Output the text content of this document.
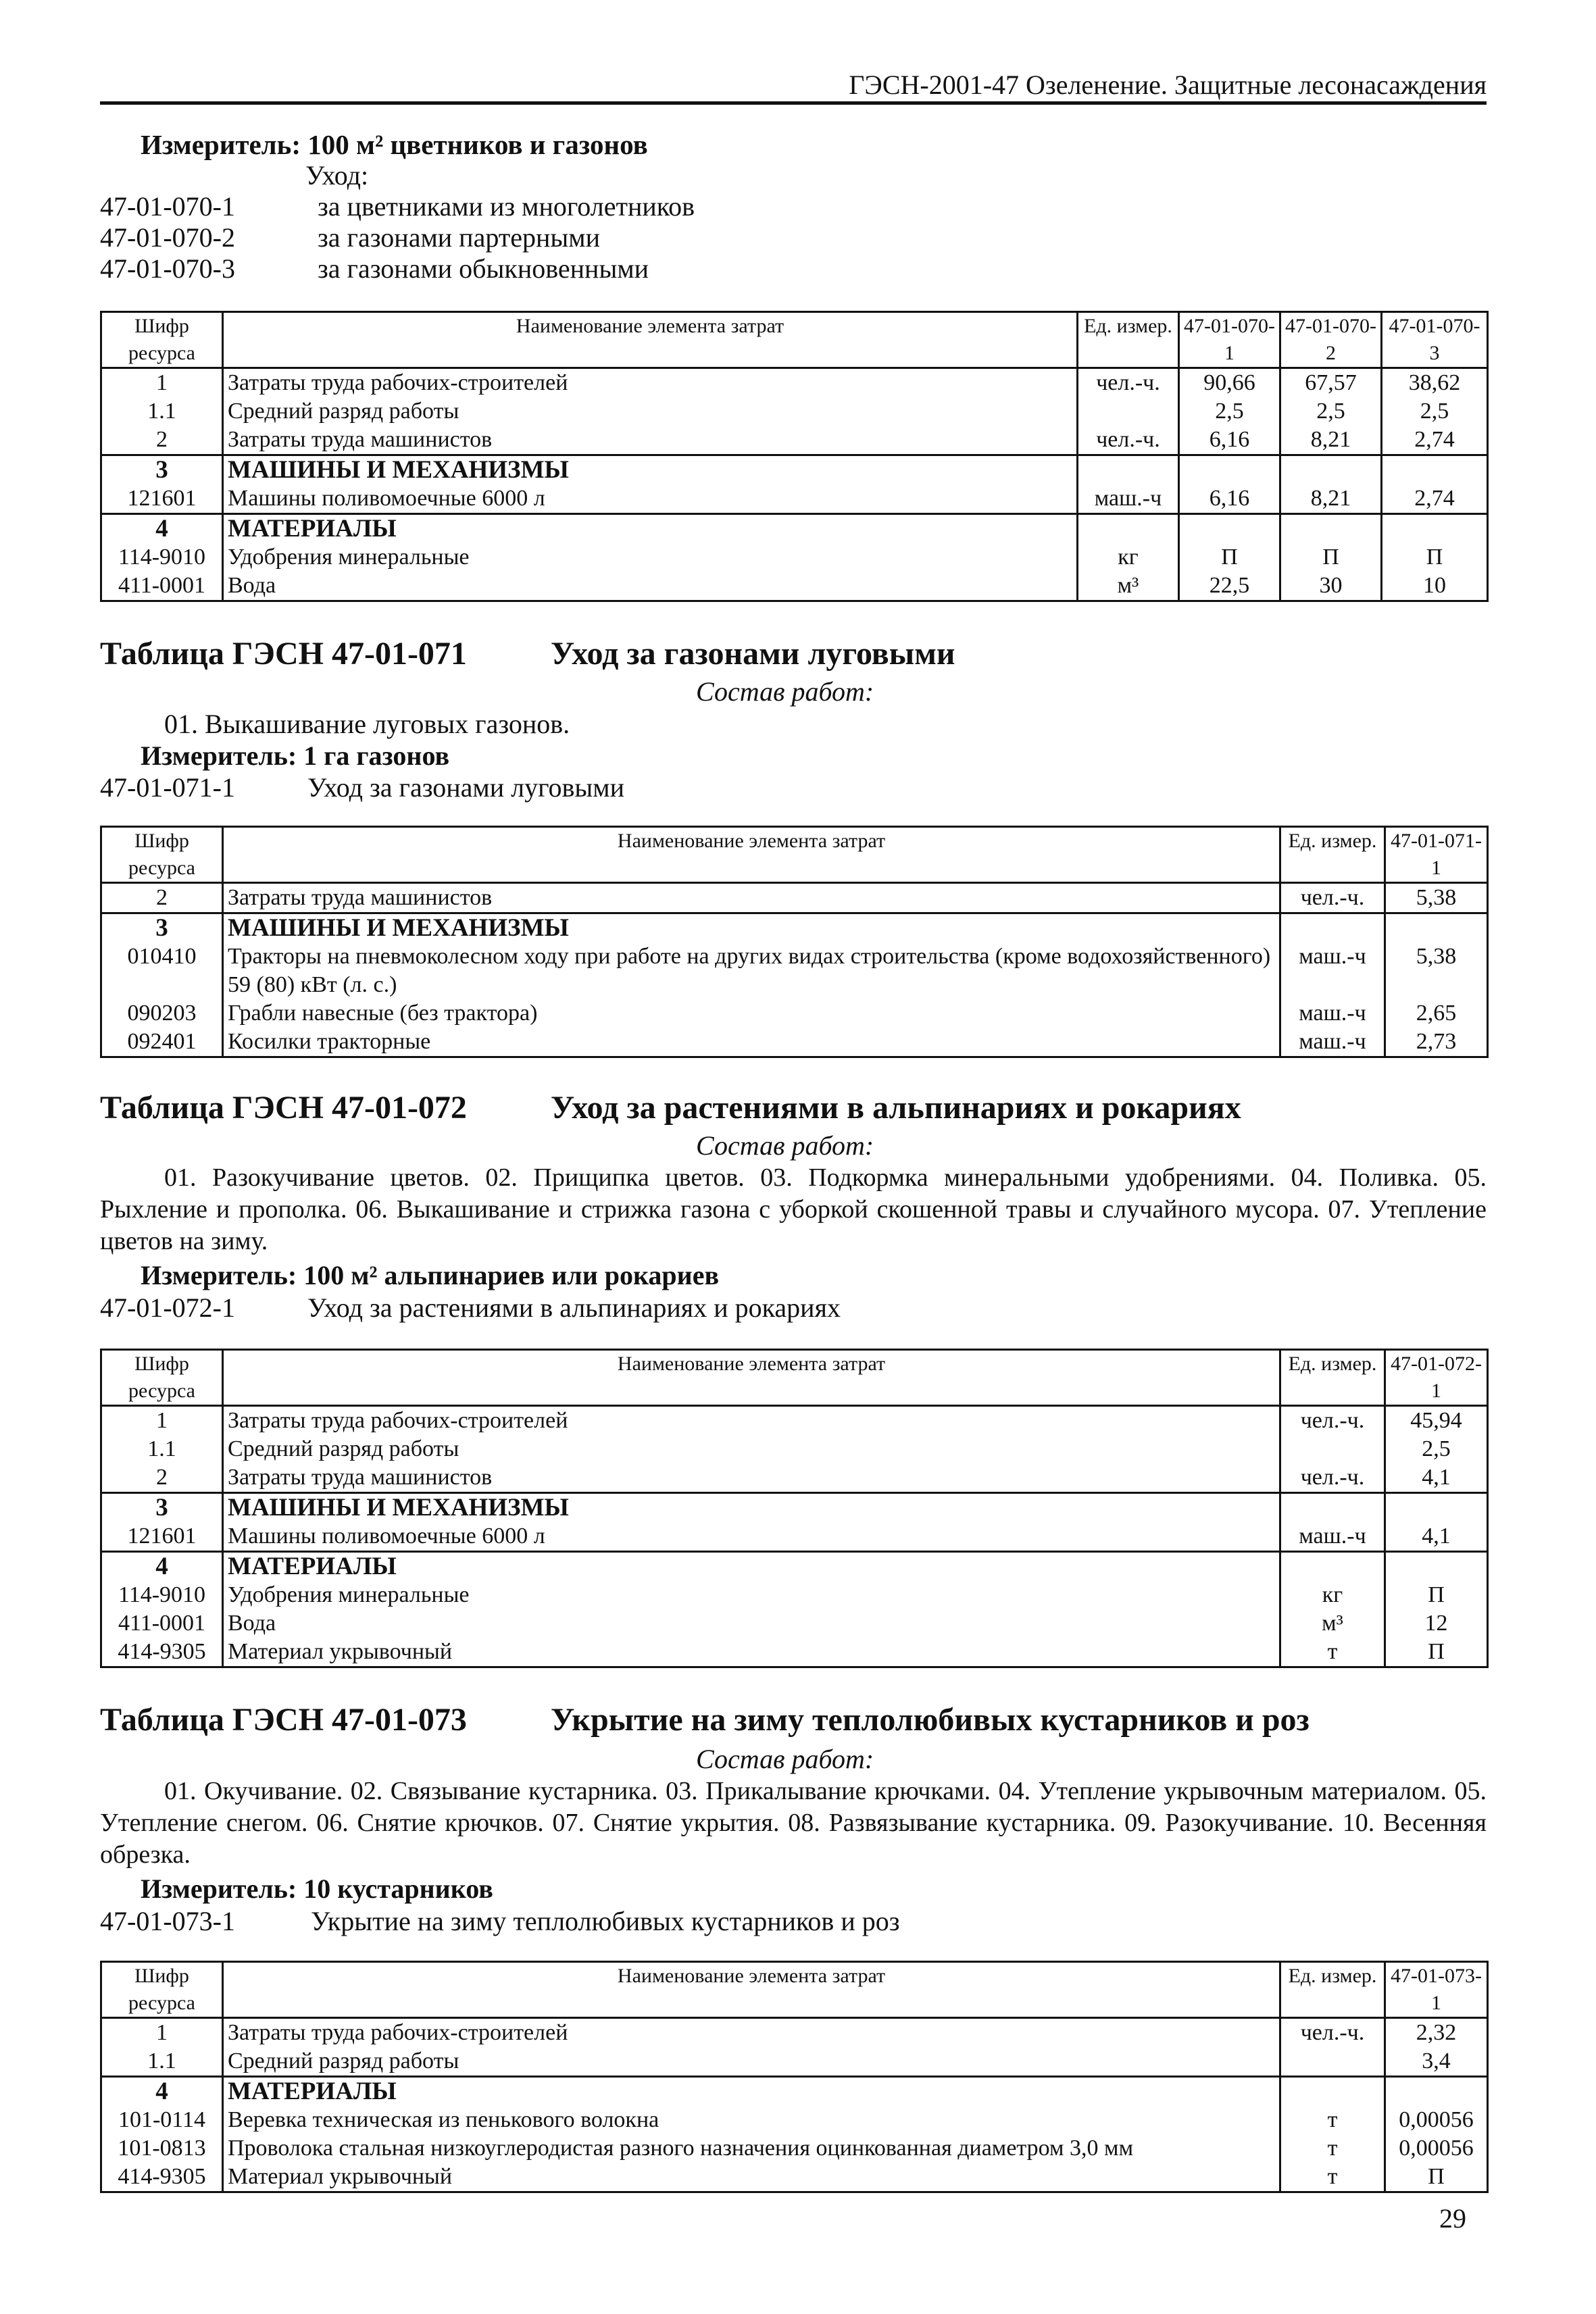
ГЭСН-2001-47 Озеленение. Защитные лесонасаждения
Измеритель: 100 м² цветников и газонов
Уход:
47-01-070-1	за цветниками из многолетников
47-01-070-2	за газонами партерными
47-01-070-3	за газонами обыкновенными
Шифр ресурса	Наименование элемента затрат	Ед. измер.	47-01-070-1	47-01-070-2	47-01-070-3
1	Затраты труда рабочих-строителей	чел.-ч.	90,66	67,57	38,62
1.1	Средний разряд работы		2,5	2,5	2,5
2	Затраты труда машинистов	чел.-ч.	6,16	8,21	2,74
3	МАШИНЫ И МЕХАНИЗМЫ				
121601	Машины поливомоечные 6000 л	маш.-ч	6,16	8,21	2,74
4	МАТЕРИАЛЫ				
114-9010	Удобрения минеральные	кг	П	П	П
411-0001	Вода	м³	22,5	30	10
Таблица ГЭСН 47-01-071	Уход за газонами луговыми
Состав работ:
01. Выкашивание луговых газонов.
Измеритель: 1 га газонов
47-01-071-1	Уход за газонами луговыми
Шифр ресурса	Наименование элемента затрат	Ед. измер.	47-01-071-1
2	Затраты труда машинистов	чел.-ч.	5,38
3	МАШИНЫ И МЕХАНИЗМЫ		
010410	Тракторы на пневмоколесном ходу при работе на других видах строительства (кроме водохозяйственного) 59 (80) кВт (л. с.)	маш.-ч	5,38
090203	Грабли навесные (без трактора)	маш.-ч	2,65
092401	Косилки тракторные	маш.-ч	2,73
Таблица ГЭСН 47-01-072	Уход за растениями в альпинариях и рокариях
Состав работ:
01. Разокучивание цветов. 02. Прищипка цветов. 03. Подкормка минеральными удобрениями. 04. Поливка. 05. Рыхление и прополка. 06. Выкашивание и стрижка газона с уборкой скошенной травы и случайного мусора. 07. Утепление цветов на зиму.
Измеритель: 100 м² альпинариев или рокариев
47-01-072-1	Уход за растениями в альпинариях и рокариях
Шифр ресурса	Наименование элемента затрат	Ед. измер.	47-01-072-1
1	Затраты труда рабочих-строителей	чел.-ч.	45,94
1.1	Средний разряд работы		2,5
2	Затраты труда машинистов	чел.-ч.	4,1
3	МАШИНЫ И МЕХАНИЗМЫ		
121601	Машины поливомоечные 6000 л	маш.-ч	4,1
4	МАТЕРИАЛЫ		
114-9010	Удобрения минеральные	кг	П
411-0001	Вода	м³	12
414-9305	Материал укрывочный	т	П
Таблица ГЭСН 47-01-073	Укрытие на зиму теплолюбивых кустарников и роз
Состав работ:
01. Окучивание. 02. Связывание кустарника. 03. Прикалывание крючками. 04. Утепление укрывочным материалом. 05. Утепление снегом. 06. Снятие крючков. 07. Снятие укрытия. 08. Развязывание кустарника. 09. Разокучивание. 10. Весенняя обрезка.
Измеритель: 10 кустарников
47-01-073-1	Укрытие на зиму теплолюбивых кустарников и роз
Шифр ресурса	Наименование элемента затрат	Ед. измер.	47-01-073-1
1	Затраты труда рабочих-строителей	чел.-ч.	2,32
1.1	Средний разряд работы		3,4
4	МАТЕРИАЛЫ		
101-0114	Веревка техническая из пенькового волокна	т	0,00056
101-0813	Проволока стальная низкоуглеродистая разного назначения оцинкованная диаметром 3,0 мм	т	0,00056
414-9305	Материал укрывочный	т	П
29
